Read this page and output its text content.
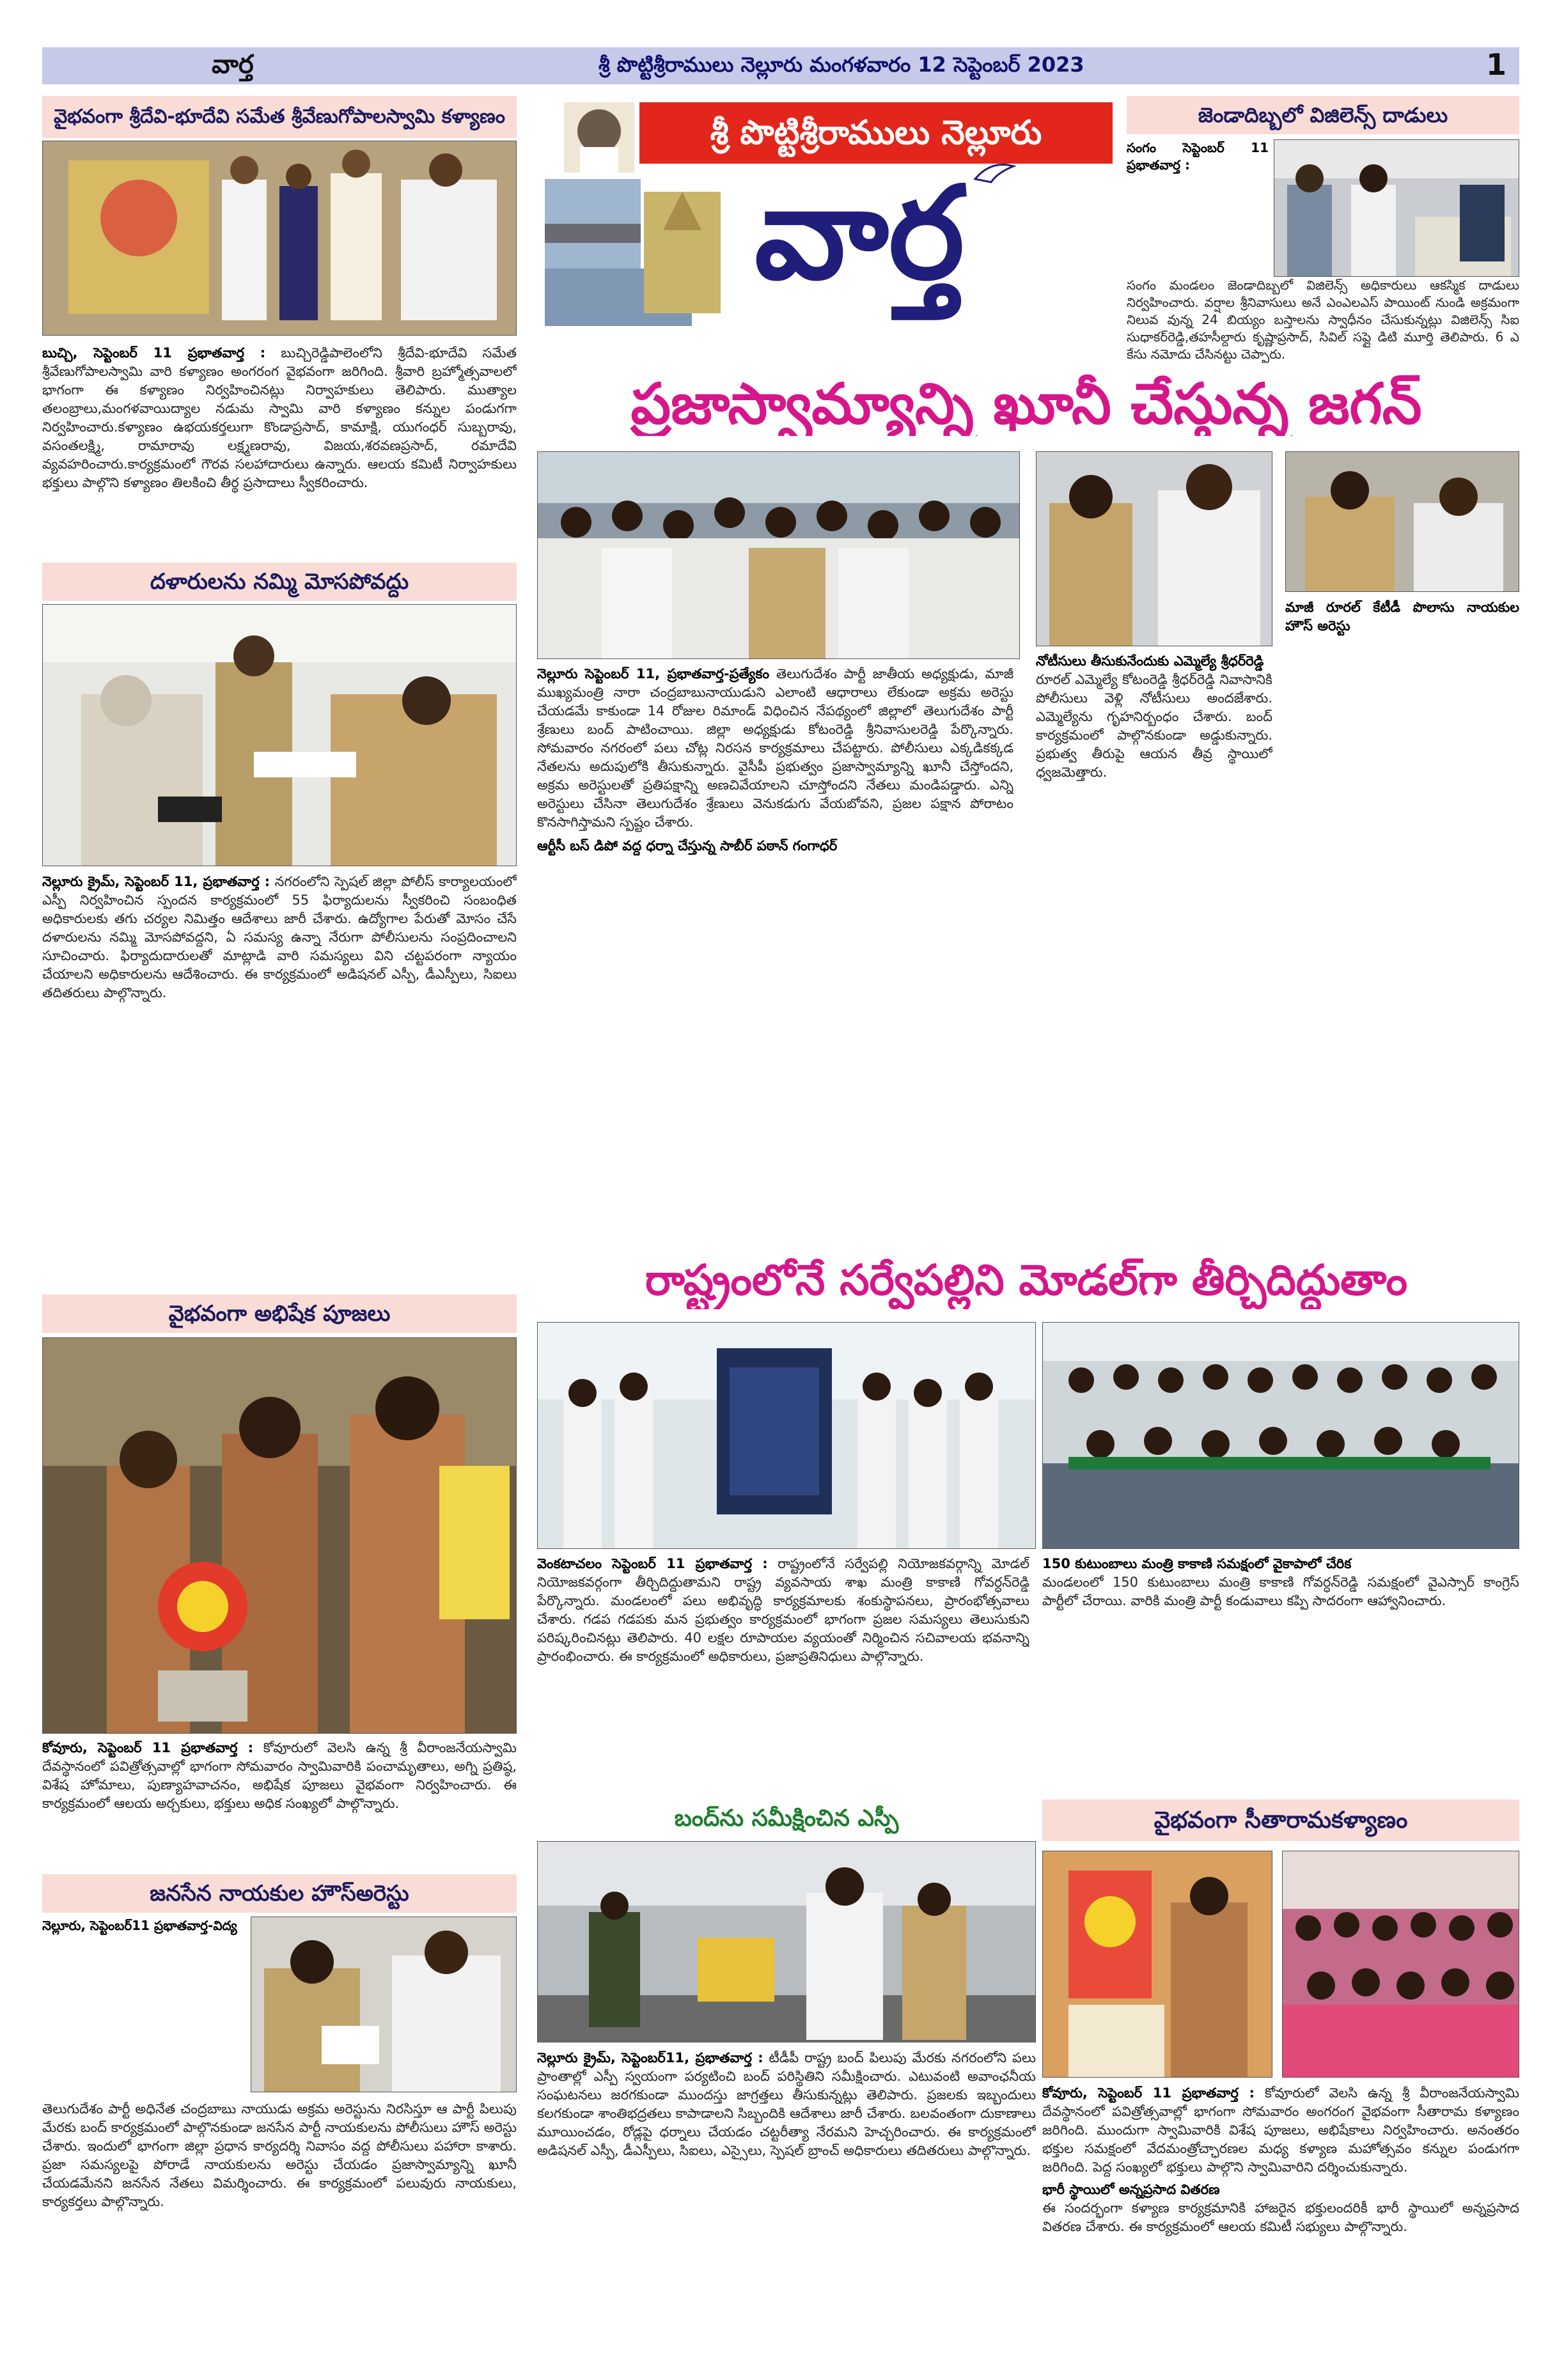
వార్త	శ్రీ పొట్టిశ్రీరాములు నెల్లూరు మంగళవారం 12 సెప్టెంబర్ 2023	1
వైభవంగా శ్రీదేవి-భూదేవి సమేత శ్రీవేణుగోపాలస్వామి కళ్యాణం
బుచ్చి, సెప్టెంబర్ 11 ప్రభాతవార్త : బుచ్చిరెడ్డిపాలెంలోని శ్రీదేవి-భూదేవి సమేత శ్రీవేణుగోపాలస్వామి వారి కళ్యాణం అంగరంగ వైభవంగా జరిగింది. శ్రీవారి బ్రహ్మోత్సవాలలో భాగంగా ఈ కళ్యాణం నిర్వహించినట్లు నిర్వాహకులు తెలిపారు. ముత్యాల తలంబ్రాలు,మంగళవాయిద్యాల నడుమ స్వామి వారి కళ్యాణం కన్నుల పండుగగా నిర్వహించారు.కళ్యాణం ఉభయకర్తలుగా కొండాప్రసాద్, కామాక్షి, యుగంధర్ సుబ్బరావు, వసంతలక్ష్మి, రామారావు లక్ష్మణరావు, విజయ,శరవణప్రసాద్, రమాదేవి వ్యవహరించారు.కార్యక్రమంలో గౌరవ సలహాదారులు ఉన్నారు. ఆలయ కమిటీ నిర్వాహకులు భక్తులు పాల్గొని కళ్యాణం తిలకించి తీర్థ ప్రసాదాలు స్వీకరించారు.
దళారులను నమ్మి మోసపోవద్దు
నెల్లూరు క్రైమ్, సెప్టెంబర్ 11, ప్రభాతవార్త : నగరంలోని స్పెషల్ జిల్లా పోలీస్ కార్యాలయంలో ఎస్పీ నిర్వహించిన స్పందన కార్యక్రమంలో 55 ఫిర్యాదులను స్వీకరించి సంబంధిత అధికారులకు తగు చర్యల నిమిత్తం ఆదేశాలు జారీ చేశారు. ఉద్యోగాల పేరుతో మోసం చేసే దళారులను నమ్మి మోసపోవద్దని, ఏ సమస్య ఉన్నా నేరుగా పోలీసులను సంప్రదించాలని సూచించారు. ఫిర్యాదుదారులతో మాట్లాడి వారి సమస్యలు విని చట్టపరంగా న్యాయం చేయాలని అధికారులను ఆదేశించారు. ఈ కార్యక్రమంలో అడిషనల్ ఎస్పీ, డీఎస్పీలు, సిఐలు తదితరులు పాల్గొన్నారు.
వైభవంగా అభిషేక పూజలు
కోవూరు, సెప్టెంబర్ 11 ప్రభాతవార్త : కోవూరులో వెలసి ఉన్న శ్రీ వీరాంజనేయస్వామి దేవస్థానంలో పవిత్రోత్సవాల్లో భాగంగా సోమవారం స్వామివారికి పంచామృతాలు, అగ్ని ప్రతిష్ఠ, విశేష హోమాలు, పుణ్యాహవాచనం, అభిషేక పూజలు వైభవంగా నిర్వహించారు. ఈ కార్యక్రమంలో ఆలయ అర్చకులు, భక్తులు అధిక సంఖ్యలో పాల్గొన్నారు.
జనసేన నాయకుల హౌస్‌అరెస్టు
నెల్లూరు, సెప్టెంబర్11 ప్రభాతవార్త-విద్య
తెలుగుదేశం పార్టీ అధినేత చంద్రబాబు నాయుడు అక్రమ అరెస్టును నిరసిస్తూ ఆ పార్టీ పిలుపు మేరకు బంద్ కార్యక్రమంలో పాల్గొనకుండా జనసేన పార్టీ నాయకులను పోలీసులు హౌస్ అరెస్టు చేశారు. ఇందులో భాగంగా జిల్లా ప్రధాన కార్యదర్శి నివాసం వద్ద పోలీసులు పహారా కాశారు. ప్రజా సమస్యలపై పోరాడే నాయకులను అరెస్టు చేయడం ప్రజాస్వామ్యాన్ని ఖూనీ చేయడమేనని జనసేన నేతలు విమర్శించారు. ఈ కార్యక్రమంలో పలువురు నాయకులు, కార్యకర్తలు పాల్గొన్నారు.
శ్రీ పొట్టిశ్రీరాములు నెల్లూరు
వార్త
జెండాదిబ్బలో విజిలెన్స్ దాడులు
సంగం సెప్టెంబర్ 11 ప్రభాతవార్త :
సంగం మండలం జెండాదిబ్బలో విజిలెన్స్ అధికారులు ఆకస్మిక దాడులు నిర్వహించారు. వర్షాల శ్రీనివాసులు అనే ఎంఎలఎస్ పాయింట్ నుండి అక్రమంగా నిలువ వున్న 24 బియ్యం బస్తాలను స్వాధీనం చేసుకున్నట్లు విజిలెన్స్ సిఐ సుధాకర్‌రెడ్డి,తహసీల్దారు కృష్ణాప్రసాద్, సివిల్ సప్లై డిటి మూర్తి తెలిపారు. 6 ఎ కేసు నమోదు చేసినట్టు చెప్పారు.
ప్రజాస్వామ్యాన్ని ఖూనీ చేస్తున్న జగన్
నెల్లూరు సెప్టెంబర్ 11, ప్రభాతవార్త-ప్రత్యేకం తెలుగుదేశం పార్టీ జాతీయ అధ్యక్షుడు, మాజీ ముఖ్యమంత్రి నారా చంద్రబాబునాయుడుని ఎలాంటి ఆధారాలు లేకుండా అక్రమ అరెస్టు చేయడమే కాకుండా 14 రోజుల రిమాండ్ విధించిన నేపథ్యంలో జిల్లాలో తెలుగుదేశం పార్టీ శ్రేణులు బంద్ పాటించాయి. జిల్లా అధ్యక్షుడు కోటంరెడ్డి శ్రీనివాసులరెడ్డి పేర్కొన్నారు. సోమవారం నగరంలో పలు చోట్ల నిరసన కార్యక్రమాలు చేపట్టారు. పోలీసులు ఎక్కడికక్కడ నేతలను అదుపులోకి తీసుకున్నారు. వైసీపీ ప్రభుత్వం ప్రజాస్వామ్యాన్ని ఖూనీ చేస్తోందని, అక్రమ అరెస్టులతో ప్రతిపక్షాన్ని అణచివేయాలని చూస్తోందని నేతలు మండిపడ్డారు. ఎన్ని అరెస్టులు చేసినా తెలుగుదేశం శ్రేణులు వెనుకడుగు వేయబోవని, ప్రజల పక్షాన పోరాటం కొనసాగిస్తామని స్పష్టం చేశారు.
ఆర్టీసీ బస్ డిపో వద్ద ధర్నా చేస్తున్న సాబీర్ పఠాన్ గంగాధర్
నోటీసులు తీసుకునేందుకు ఎమ్మెల్యే శ్రీధర్‌రెడ్డి
రూరల్ ఎమ్మెల్యే కోటంరెడ్డి శ్రీధర్‌రెడ్డి నివాసానికి పోలీసులు వెళ్లి నోటీసులు అందజేశారు. ఎమ్మెల్యేను గృహనిర్బంధం చేశారు. బంద్ కార్యక్రమంలో పాల్గొనకుండా అడ్డుకున్నారు. ప్రభుత్వ తీరుపై ఆయన తీవ్ర స్థాయిలో ధ్వజమెత్తారు.
మాజీ రూరల్ కేటీడీ పొలాసు నాయకుల హౌస్ అరెస్టు
రాష్ట్రంలోనే సర్వేపల్లిని మోడల్‌గా తీర్చిదిద్దుతాం
వెంకటాచలం సెప్టెంబర్ 11 ప్రభాతవార్త : రాష్ట్రంలోనే సర్వేపల్లి నియోజకవర్గాన్ని మోడల్ నియోజకవర్గంగా తీర్చిదిద్దుతామని రాష్ట్ర వ్యవసాయ శాఖ మంత్రి కాకాణి గోవర్ధన్‌రెడ్డి పేర్కొన్నారు. మండలంలో పలు అభివృద్ధి కార్యక్రమాలకు శంకుస్థాపనలు, ప్రారంభోత్సవాలు చేశారు. గడప గడపకు మన ప్రభుత్వం కార్యక్రమంలో భాగంగా ప్రజల సమస్యలు తెలుసుకుని పరిష్కరించినట్లు తెలిపారు. 40 లక్షల రూపాయల వ్యయంతో నిర్మించిన సచివాలయ భవనాన్ని ప్రారంభించారు. ఈ కార్యక్రమంలో అధికారులు, ప్రజాప్రతినిధులు పాల్గొన్నారు.
150 కుటుంబాలు మంత్రి కాకాణి సమక్షంలో వైకాపాలో చేరిక
మండలంలో 150 కుటుంబాలు మంత్రి కాకాణి గోవర్ధన్‌రెడ్డి సమక్షంలో వైఎస్సార్ కాంగ్రెస్ పార్టీలో చేరాయి. వారికి మంత్రి పార్టీ కండువాలు కప్పి సాదరంగా ఆహ్వానించారు.
బంద్‌ను సమీక్షించిన ఎస్పీ
నెల్లూరు క్రైమ్, సెప్టెంబర్11, ప్రభాతవార్త : టీడీపీ రాష్ట్ర బంద్ పిలుపు మేరకు నగరంలోని పలు ప్రాంతాల్లో ఎస్పీ స్వయంగా పర్యటించి బంద్ పరిస్థితిని సమీక్షించారు. ఎటువంటి అవాంఛనీయ సంఘటనలు జరగకుండా ముందస్తు జాగ్రత్తలు తీసుకున్నట్లు తెలిపారు. ప్రజలకు ఇబ్బందులు కలగకుండా శాంతిభద్రతలు కాపాడాలని సిబ్బందికి ఆదేశాలు జారీ చేశారు. బలవంతంగా దుకాణాలు మూయించడం, రోడ్లపై ధర్నాలు చేయడం చట్టరీత్యా నేరమని హెచ్చరించారు. ఈ కార్యక్రమంలో అడిషనల్ ఎస్పీ, డీఎస్పీలు, సిఐలు, ఎస్సైలు, స్పెషల్ బ్రాంచ్ అధికారులు తదితరులు పాల్గొన్నారు.
వైభవంగా సీతారామకళ్యాణం
కోవూరు, సెప్టెంబర్ 11 ప్రభాతవార్త : కోవూరులో వెలసి ఉన్న శ్రీ వీరాంజనేయస్వామి దేవస్థానంలో పవిత్రోత్సవాల్లో భాగంగా సోమవారం అంగరంగ వైభవంగా సీతారామ కళ్యాణం జరిగింది. ముందుగా స్వామివారికి విశేష పూజలు, అభిషేకాలు నిర్వహించారు. అనంతరం భక్తుల సమక్షంలో వేదమంత్రోచ్ఛారణల మధ్య కళ్యాణ మహోత్సవం కన్నుల పండుగగా జరిగింది. పెద్ద సంఖ్యలో భక్తులు పాల్గొని స్వామివారిని దర్శించుకున్నారు.
భారీ స్థాయిలో అన్నప్రసాద వితరణ
ఈ సందర్భంగా కళ్యాణ కార్యక్రమానికి హాజరైన భక్తులందరికీ భారీ స్థాయిలో అన్నప్రసాద వితరణ చేశారు. ఈ కార్యక్రమంలో ఆలయ కమిటీ సభ్యులు పాల్గొన్నారు.
